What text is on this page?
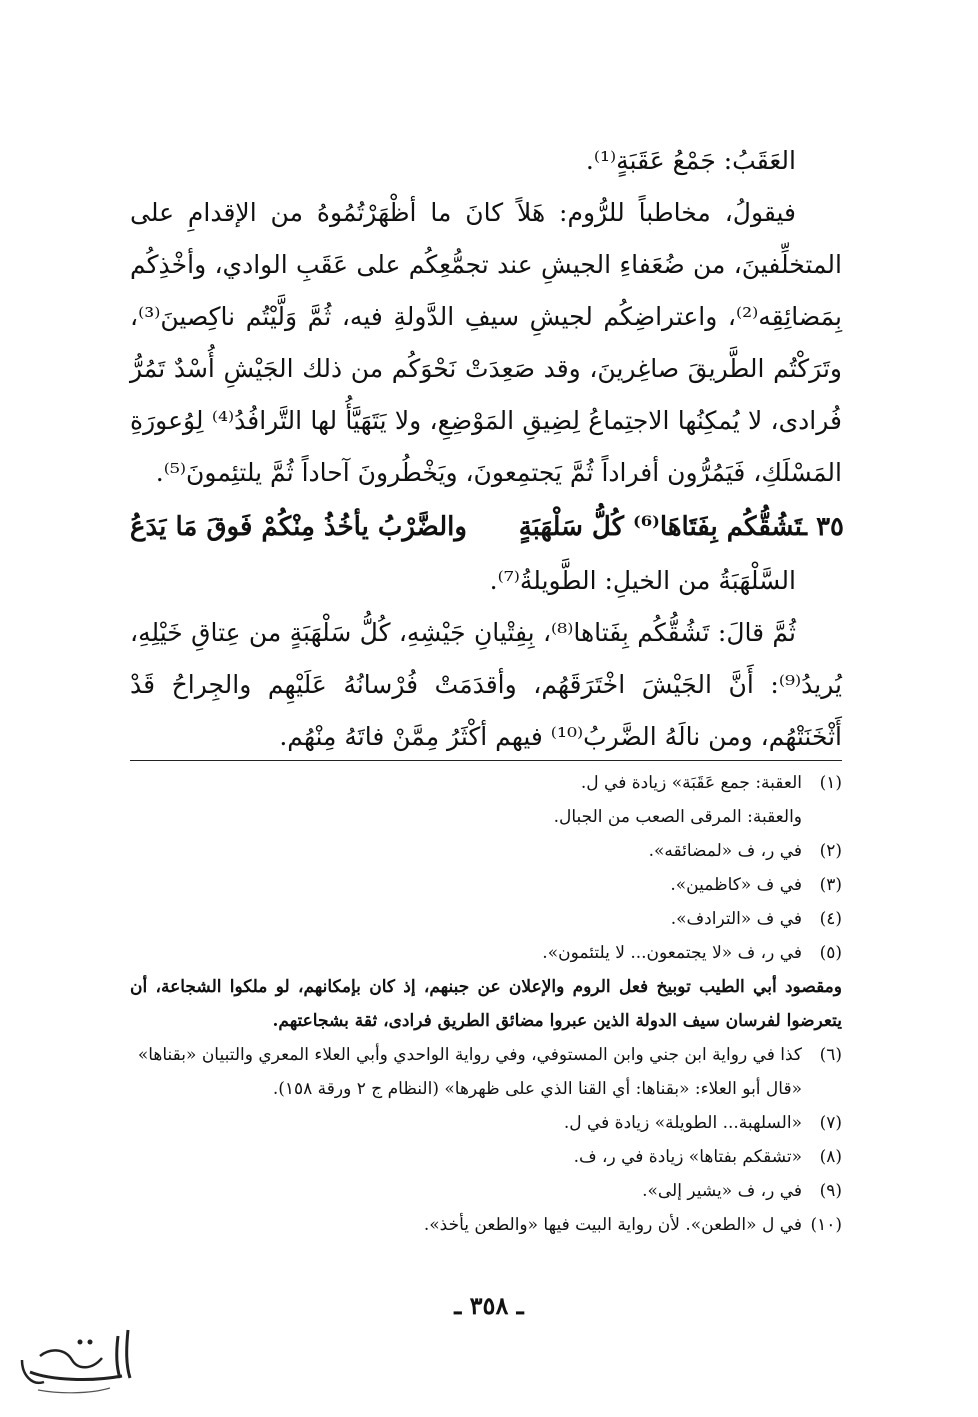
العَقَبُ: جَمْعُ عَقَبَةٍ⁽¹⁾.

فيقولُ، مخاطباً للرُّوم: هَلاً كانَ ما أظْهَرْتُمُوهُ من الإقدامِ على المتخلِّفينَ، من ضُعَفاءِ الجيشِ عند تجمُّعِكُم على عَقَبِ الوادي، وأخْذِكُم بِمَضائِقِه⁽²⁾، واعتراضِكُم لجيشِ سيفِ الدَّولةِ فيه، ثُمَّ وَلَّيْتُم ناكِصينَ⁽³⁾، وتَرَكْتُم الطَّريقَ صاغِرينَ، وقد صَعِدَتْ نَحْوَكُم من ذلك الجَيْشِ أُسْدٌ تَمُرُّ فُرادى، لا يُمكِنُها الاجتِماعُ لِضِيقِ المَوْضِعِ، ولا يَتَهَيَّأُ لها التَّرافُدُ⁽⁴⁾ لِوُعورَةِ المَسْلَكِ، فَيَمُرُّون أفراداً ثُمَّ يَجتمِعونَ، ويَخْطُرونَ آحاداً ثُمَّ يلتئِمونَ⁽⁵⁾.

٣٥ ـ
تَشُقُّكُم بِفَتَاهَا⁽⁶⁾ كُلُّ سَلْهَبَةٍ
والضَّرْبُ يأخُذُ مِنْكُمْ فَوقَ مَا يَدَعُ

السَّلْهَبَةُ من الخيلِ: الطَّويلةُ⁽⁷⁾.

ثُمَّ قالَ: تَشُقُّكُم بِفَتاها⁽⁸⁾، بِفِتْيانِ جَيْشِهِ، كُلُّ سَلْهَبَةٍ من عِتاقِ خَيْلِهِ، يُريدُ⁽⁹⁾: أَنَّ الجَيْشَ اخْتَرَقَهُم، وأقدَمَتْ فُرْسانُهُ عَلَيْهِم والجِراحُ قَدْ أَثْخَنَتْهُم، ومن نالَهُ الضَّربُ⁽¹⁰⁾ فيهم أكْثَرُ مِمَّنْ فاتَهُ مِنْهُم.

(١)
العقبة: جمع عَقَبَة» زيادة في ل.
والعقبة: المرقى الصعب من الجبال.
(٢)
في ر، ف «لمضائقه».
(٣)
في ف «كاظمين».
(٤)
في ف «الترادف».
(٥)
في ر، ف «لا يجتمعون... لا يلتئمون».
ومقصود أبي الطيب توبيخ فعل الروم والإعلان عن جبنهم، إذ كان بإمكانهم، لو ملكوا الشجاعة، أن يتعرضوا لفرسان سيف الدولة الذين عبروا مضائق الطريق فرادى، ثقة بشجاعتهم.
(٦)
كذا في رواية ابن جني وابن المستوفي، وفي رواية الواحدي وأبي العلاء المعري والتبيان «بقناها» «قال أبو العلاء: «بقناها: أي القنا الذي على ظهرها» (النظام ج ٢ ورقة ١٥٨).
(٧)
«السلهبة... الطويلة» زيادة في ل.
(٨)
«تشقكم بفتاها» زيادة في ر، ف.
(٩)
في ر، ف «يشير إلى».
(١٠)
في ل «الطعن». لأن رواية البيت فيها «والطعن يأخذ».
ـ ٣٥٨ ـ
